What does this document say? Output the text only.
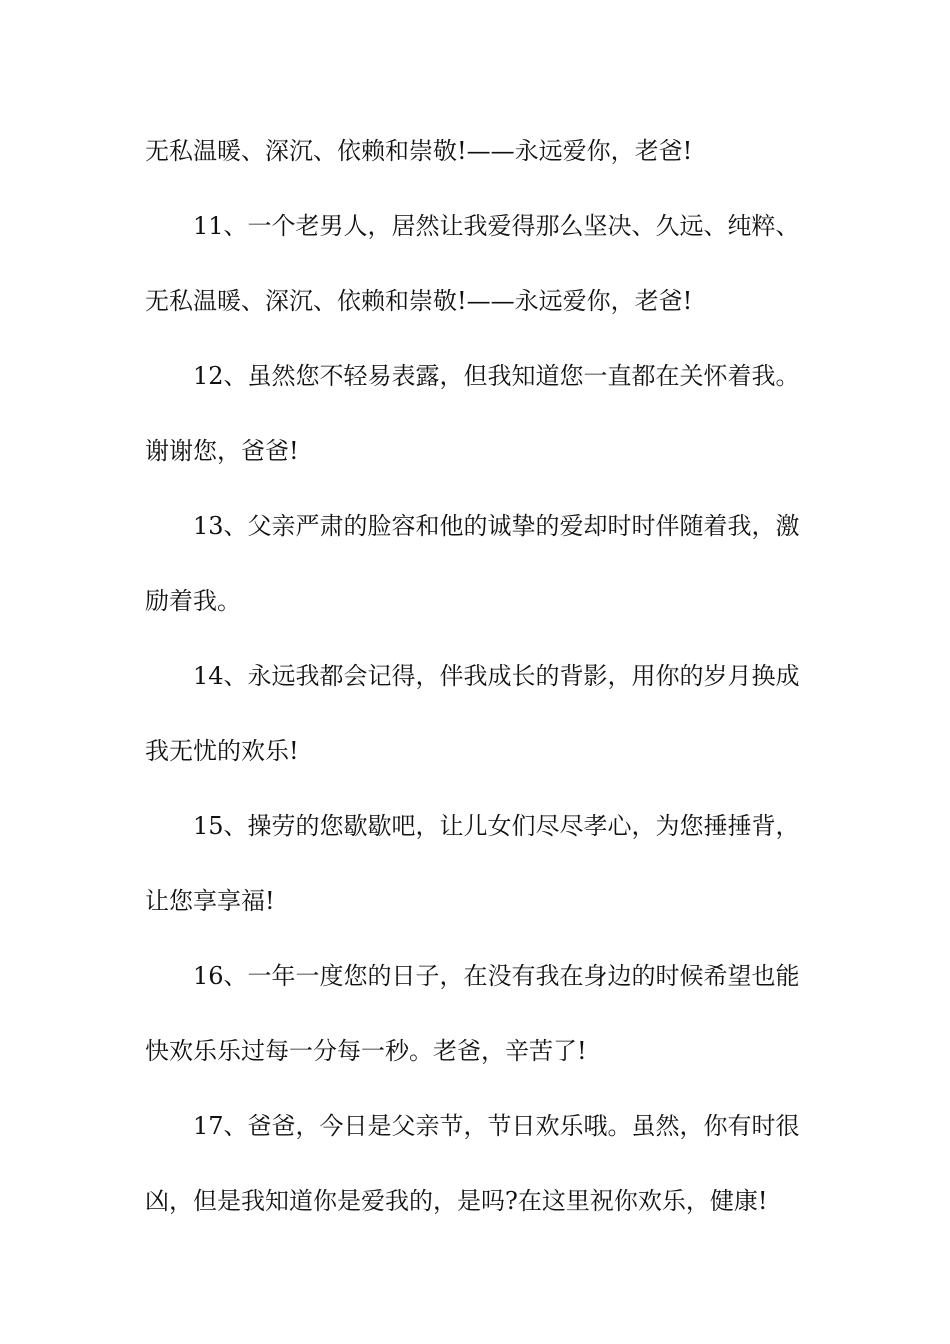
无私温暖、深沉、依赖和崇敬!——永远爱你，老爸!
11、一个老男人，居然让我爱得那么坚决、久远、纯粹、
无私温暖、深沉、依赖和崇敬!——永远爱你，老爸!
12、虽然您不轻易表露，但我知道您一直都在关怀着我。
谢谢您，爸爸!
13、父亲严肃的脸容和他的诚挚的爱却时时伴随着我，激
励着我。
14、永远我都会记得，伴我成长的背影，用你的岁月换成
我无忧的欢乐!
15、操劳的您歇歇吧，让儿女们尽尽孝心，为您捶捶背，
让您享享福!
16、一年一度您的日子，在没有我在身边的时候希望也能
快欢乐乐过每一分每一秒。老爸，辛苦了!
17、爸爸，今日是父亲节，节日欢乐哦。虽然，你有时很
凶，但是我知道你是爱我的，是吗?在这里祝你欢乐，健康!
